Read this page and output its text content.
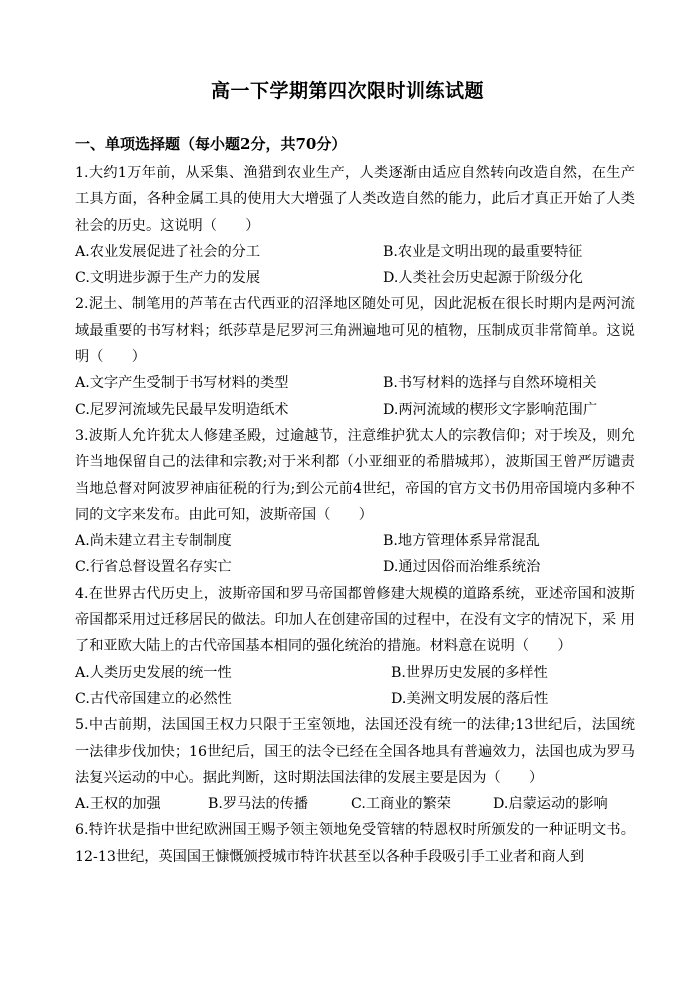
高一下学期第四次限时训练试题
一、单项选择题（每小题2分，共70分）

1.大约1万年前，从采集、渔猎到农业生产，人类逐渐由适应自然转向改造自然，在生产工具方面，各种金属工具的使用大大增强了人类改造自然的能力，此后才真正开始了人类社会的历史。这说明（　　）

A.农业发展促进了社会的分工	B.农业是文明出现的最重要特征
C.文明进步源于生产力的发展	D.人类社会历史起源于阶级分化

2.泥土、制笔用的芦苇在古代西亚的沼泽地区随处可见，因此泥板在很长时期内是两河流域最重要的书写材料；纸莎草是尼罗河三角洲遍地可见的植物，压制成页非常简单。这说明（　　）

A.文字产生受制于书写材料的类型	B.书写材料的选择与自然环境相关
C.尼罗河流域先民最早发明造纸术	D.两河流域的楔形文字影响范围广

3.波斯人允许犹太人修建圣殿，过逾越节，注意维护犹太人的宗教信仰；对于埃及，则允许当地保留自己的法律和宗教;对于米利都（小亚细亚的希腊城邦），波斯国王曾严厉谴责当地总督对阿波罗神庙征税的行为;到公元前4世纪，帝国的官方文书仍用帝国境内多种不同的文字来发布。由此可知，波斯帝国（　　）

A.尚未建立君主专制制度	B.地方管理体系异常混乱
C.行省总督设置名存实亡	D.通过因俗而治维系统治

4.在世界古代历史上，波斯帝国和罗马帝国都曾修建大规模的道路系统，亚述帝国和波斯 帝国都采用过迁移居民的做法。印加人在创建帝国的过程中，在没有文字的情况下，采 用了和亚欧大陆上的古代帝国基本相同的强化统治的措施。材料意在说明（　　）

A.人类历史发展的统一性	B.世界历史发展的多样性
C.古代帝国建立的必然性	D.美洲文明发展的落后性

5.中古前期，法国国王权力只限于王室领地，法国还没有统一的法律;13世纪后，法国统一法律步伐加快；16世纪后，国王的法令已经在全国各地具有普遍效力，法国也成为罗马法复兴运动的中心。据此判断，这时期法国法律的发展主要是因为（　　）

A.王权的加强	B.罗马法的传播	C.工商业的繁荣	D.启蒙运动的影响

6.特许状是指中世纪欧洲国王赐予领主领地免受管辖的特恩权时所颁发的一种证明文书。12-13世纪，英国国王慷慨颁授城市特许状甚至以各种手段吸引手工业者和商人到
